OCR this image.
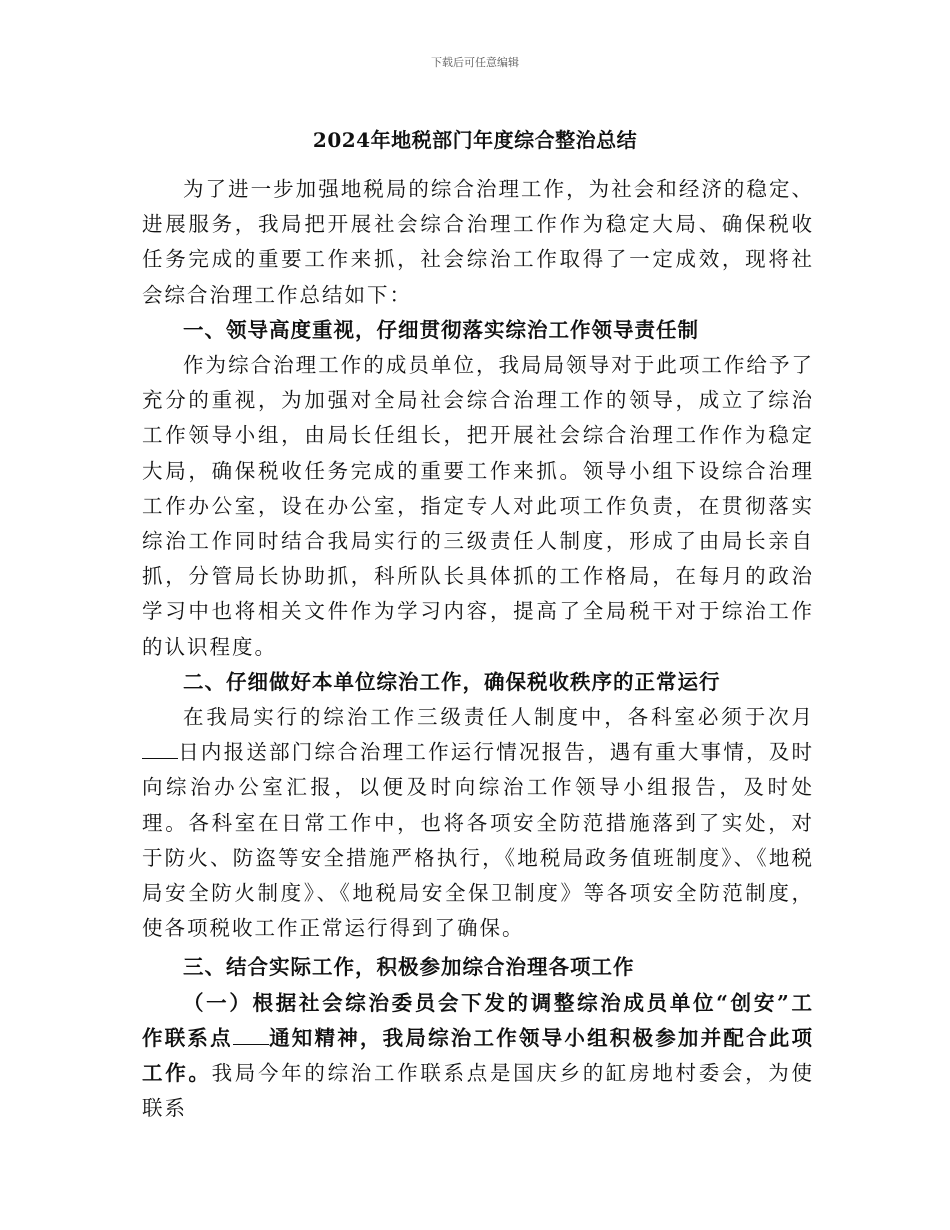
下载后可任意编辑
2024年地税部门年度综合整治总结

为了进一步加强地税局的综合治理工作，为社会和经济的稳定、进展服务，我局把开展社会综合治理工作作为稳定大局、确保税收任务完成的重要工作来抓，社会综治工作取得了一定成效，现将社会综合治理工作总结如下：

一、领导高度重视，仔细贯彻落实综治工作领导责任制

作为综合治理工作的成员单位，我局局领导对于此项工作给予了充分的重视，为加强对全局社会综合治理工作的领导，成立了综治工作领导小组，由局长任组长，把开展社会综合治理工作作为稳定大局，确保税收任务完成的重要工作来抓。领导小组下设综合治理工作办公室，设在办公室，指定专人对此项工作负责，在贯彻落实综治工作同时结合我局实行的三级责任人制度，形成了由局长亲自抓，分管局长协助抓，科所队长具体抓的工作格局，在每月的政治学习中也将相关文件作为学习内容，提高了全局税干对于综治工作的认识程度。

二、仔细做好本单位综治工作，确保税收秩序的正常运行

在我局实行的综治工作三级责任人制度中，各科室必须于次月日内报送部门综合治理工作运行情况报告，遇有重大事情，及时向综治办公室汇报，以便及时向综治工作领导小组报告，及时处理。各科室在日常工作中，也将各项安全防范措施落到了实处，对于防火、防盗等安全措施严格执行，《地税局政务值班制度》、《地税局安全防火制度》、《地税局安全保卫制度》等各项安全防范制度，使各项税收工作正常运行得到了确保。

三、结合实际工作，积极参加综合治理各项工作

（一）根据社会综治委员会下发的调整综治成员单位“创安”工作联系点 通知精神，我局综治工作领导小组积极参加并配合此项工作。我局今年的综治工作联系点是国庆乡的缸房地村委会，为使联系
